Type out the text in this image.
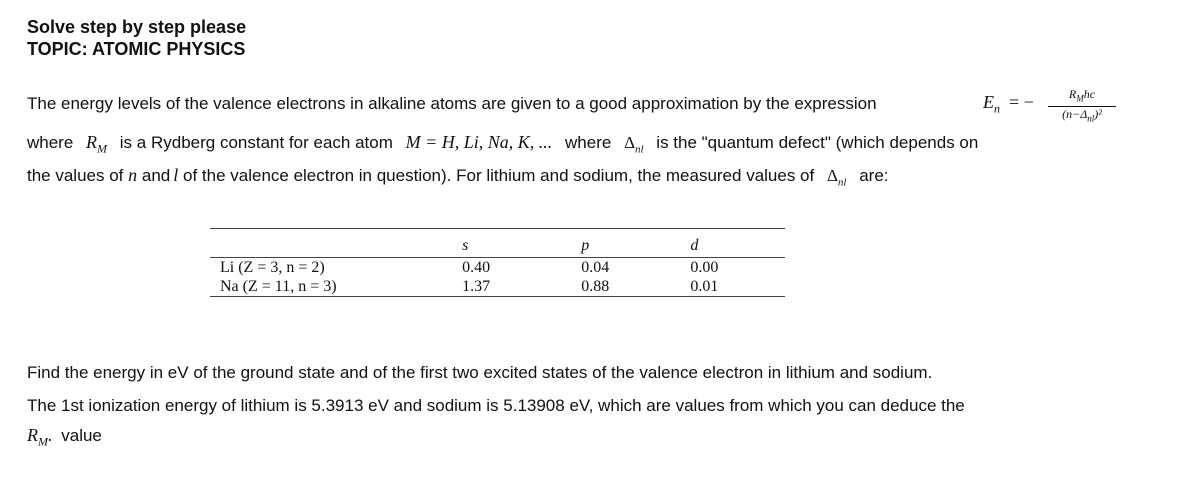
Solve step by step please
TOPIC: ATOMIC PHYSICS
The energy levels of the valence electrons in alkaline atoms are given to a good approximation by the expression	$E_n$ = −	$R_Mhc$
$(n-\Delta_{nl})^2$
where $R_M$ is a Rydberg constant for each atom M = H, Li, Na, K, ... where $\Delta_{nl}$ is the "quantum defect" (which depends on
the values of n and l of the valence electron in question). For lithium and sodium, the measured values of $\Delta_{nl}$ are:
	s	p	d
Li (Z = 3, n = 2)	0.40	0.04	0.00
Na (Z = 11, n = 3)	1.37	0.88	0.01
Find the energy in eV of the ground state and of the first two excited states of the valence electron in lithium and sodium.
The 1st ionization energy of lithium is 5.3913 eV and sodium is 5.13908 eV, which are values from which you can deduce the
$R_M$. value
